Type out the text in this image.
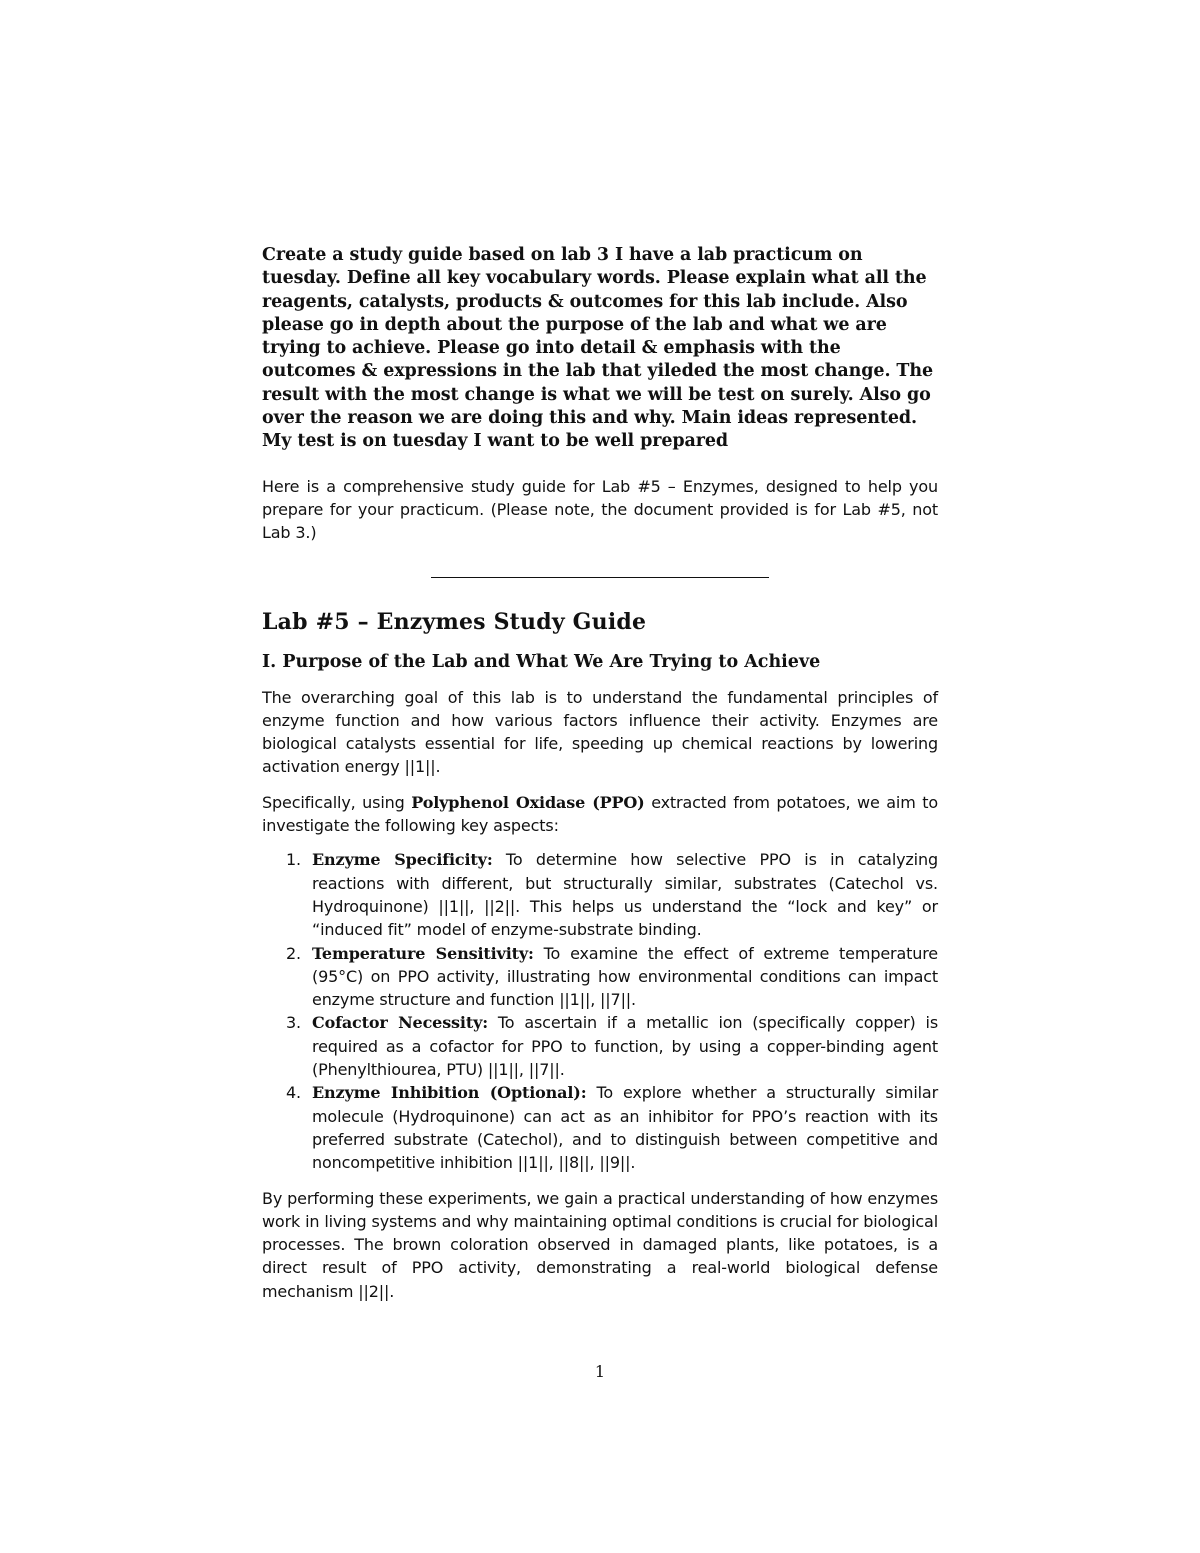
Create a study guide based on lab 3 I have a lab practicum on tuesday. Define all key vocabulary words. Please explain what all the reagents, catalysts, products & outcomes for this lab include. Also please go in depth about the purpose of the lab and what we are trying to achieve. Please go into detail & emphasis with the outcomes & expressions in the lab that yileded the most change. The result with the most change is what we will be test on surely. Also go over the reason we are doing this and why. Main ideas represented. My test is on tuesday I want to be well prepared

Here is a comprehensive study guide for Lab #5 – Enzymes, designed to help you prepare for your practicum. (Please note, the document provided is for Lab #5, not Lab 3.)

Lab #5 – Enzymes Study Guide
I. Purpose of the Lab and What We Are Trying to Achieve

The overarching goal of this lab is to understand the fundamental principles of enzyme function and how various factors influence their activity. Enzymes are biological catalysts essential for life, speeding up chemical reactions by lowering activation energy ||1||.

Specifically, using Polyphenol Oxidase (PPO) extracted from potatoes, we aim to investigate the following key aspects:

1. Enzyme Specificity: To determine how selective PPO is in catalyzing reactions with different, but structurally similar, substrates (Catechol vs. Hydroquinone) ||1||, ||2||. This helps us understand the “lock and key” or “induced fit” model of enzyme-substrate binding.
2. Temperature Sensitivity: To examine the effect of extreme temperature (95°C) on PPO activity, illustrating how environmental conditions can impact enzyme structure and function ||1||, ||7||.
3. Cofactor Necessity: To ascertain if a metallic ion (specifically copper) is required as a cofactor for PPO to function, by using a copper-binding agent (Phenylthiourea, PTU) ||1||, ||7||.
4. Enzyme Inhibition (Optional): To explore whether a structurally similar molecule (Hydroquinone) can act as an inhibitor for PPO’s reaction with its preferred substrate (Catechol), and to distinguish between competitive and noncompetitive inhibition ||1||, ||8||, ||9||.

By performing these experiments, we gain a practical understanding of how enzymes work in living systems and why maintaining optimal conditions is crucial for biological processes. The brown coloration observed in damaged plants, like potatoes, is a direct result of PPO activity, demonstrating a real-world biological defense mechanism ||2||.

1
